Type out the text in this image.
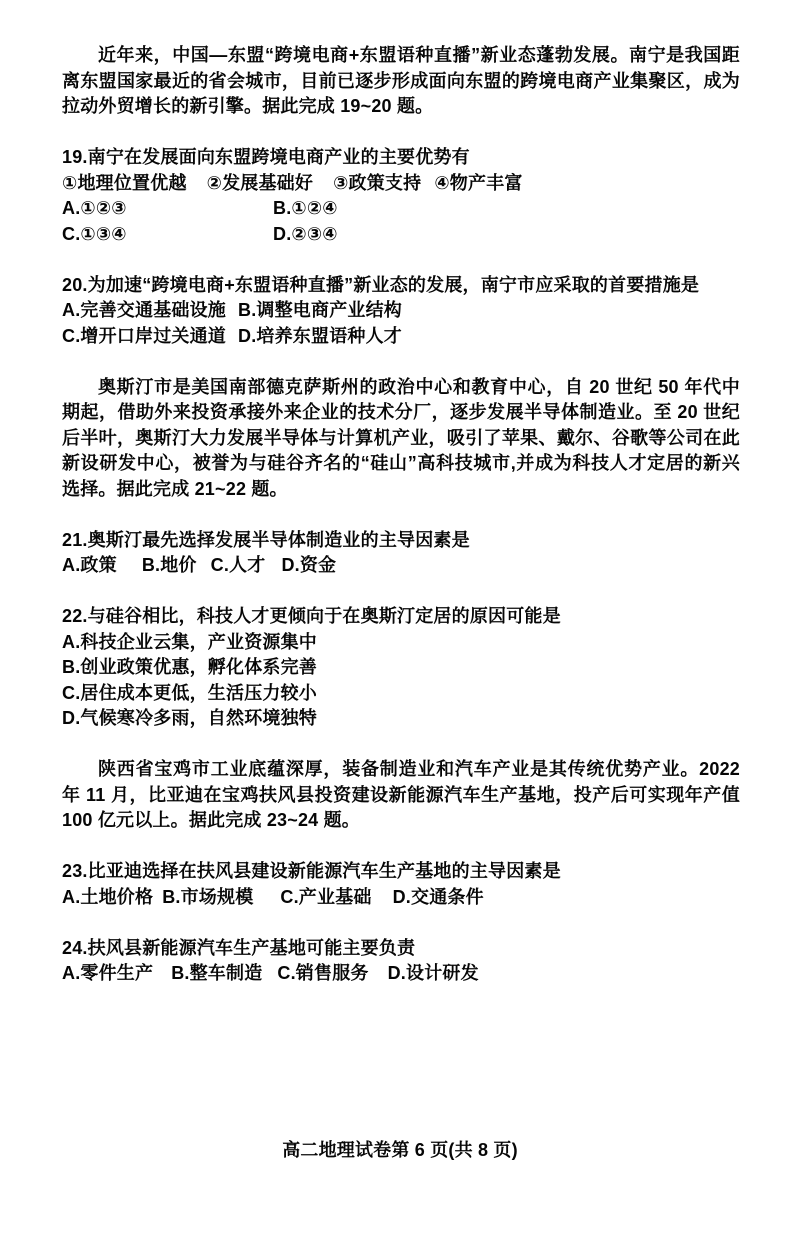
近年来，中国—东盟“跨境电商+东盟语种直播”新业态蓬勃发展。南宁是我国距离东盟国家最近的省会城市，目前已逐步形成面向东盟的跨境电商产业集聚区，成为拉动外贸增长的新引擎。据此完成 19~20 题。

19.南宁在发展面向东盟跨境电商产业的主要优势有
①地理位置优越 ②发展基础好 ③政策支持 ④物产丰富
A.①②③	B.①②④
C.①③④	D.②③④
20.为加速“跨境电商+东盟语种直播”新业态的发展，南宁市应采取的首要措施是
A.完善交通基础设施 B.调整电商产业结构
C.增开口岸过关通道 D.培养东盟语种人才

奥斯汀市是美国南部德克萨斯州的政治中心和教育中心，自 20 世纪 50 年代中期起，借助外来投资承接外来企业的技术分厂，逐步发展半导体制造业。至 20 世纪后半叶，奥斯汀大力发展半导体与计算机产业，吸引了苹果、戴尔、谷歌等公司在此新设研发中心，被誉为与硅谷齐名的“硅山”高科技城市,并成为科技人才定居的新兴选择。据此完成 21~22 题。

21.奥斯汀最先选择发展半导体制造业的主导因素是
A.政策 B.地价 C.人才 D.资金
22.与硅谷相比，科技人才更倾向于在奥斯汀定居的原因可能是
A.科技企业云集，产业资源集中
B.创业政策优惠，孵化体系完善
C.居住成本更低，生活压力较小
D.气候寒冷多雨，自然环境独特

陕西省宝鸡市工业底蕴深厚，装备制造业和汽车产业是其传统优势产业。2022 年 11 月，比亚迪在宝鸡扶风县投资建设新能源汽车生产基地，投产后可实现年产值 100 亿元以上。据此完成 23~24 题。

23.比亚迪选择在扶风县建设新能源汽车生产基地的主导因素是
A.土地价格 B.市场规模 C.产业基础 D.交通条件
24.扶风县新能源汽车生产基地可能主要负责
A.零件生产 B.整车制造 C.销售服务 D.设计研发
高二地理试卷第 6 页(共 8 页)
